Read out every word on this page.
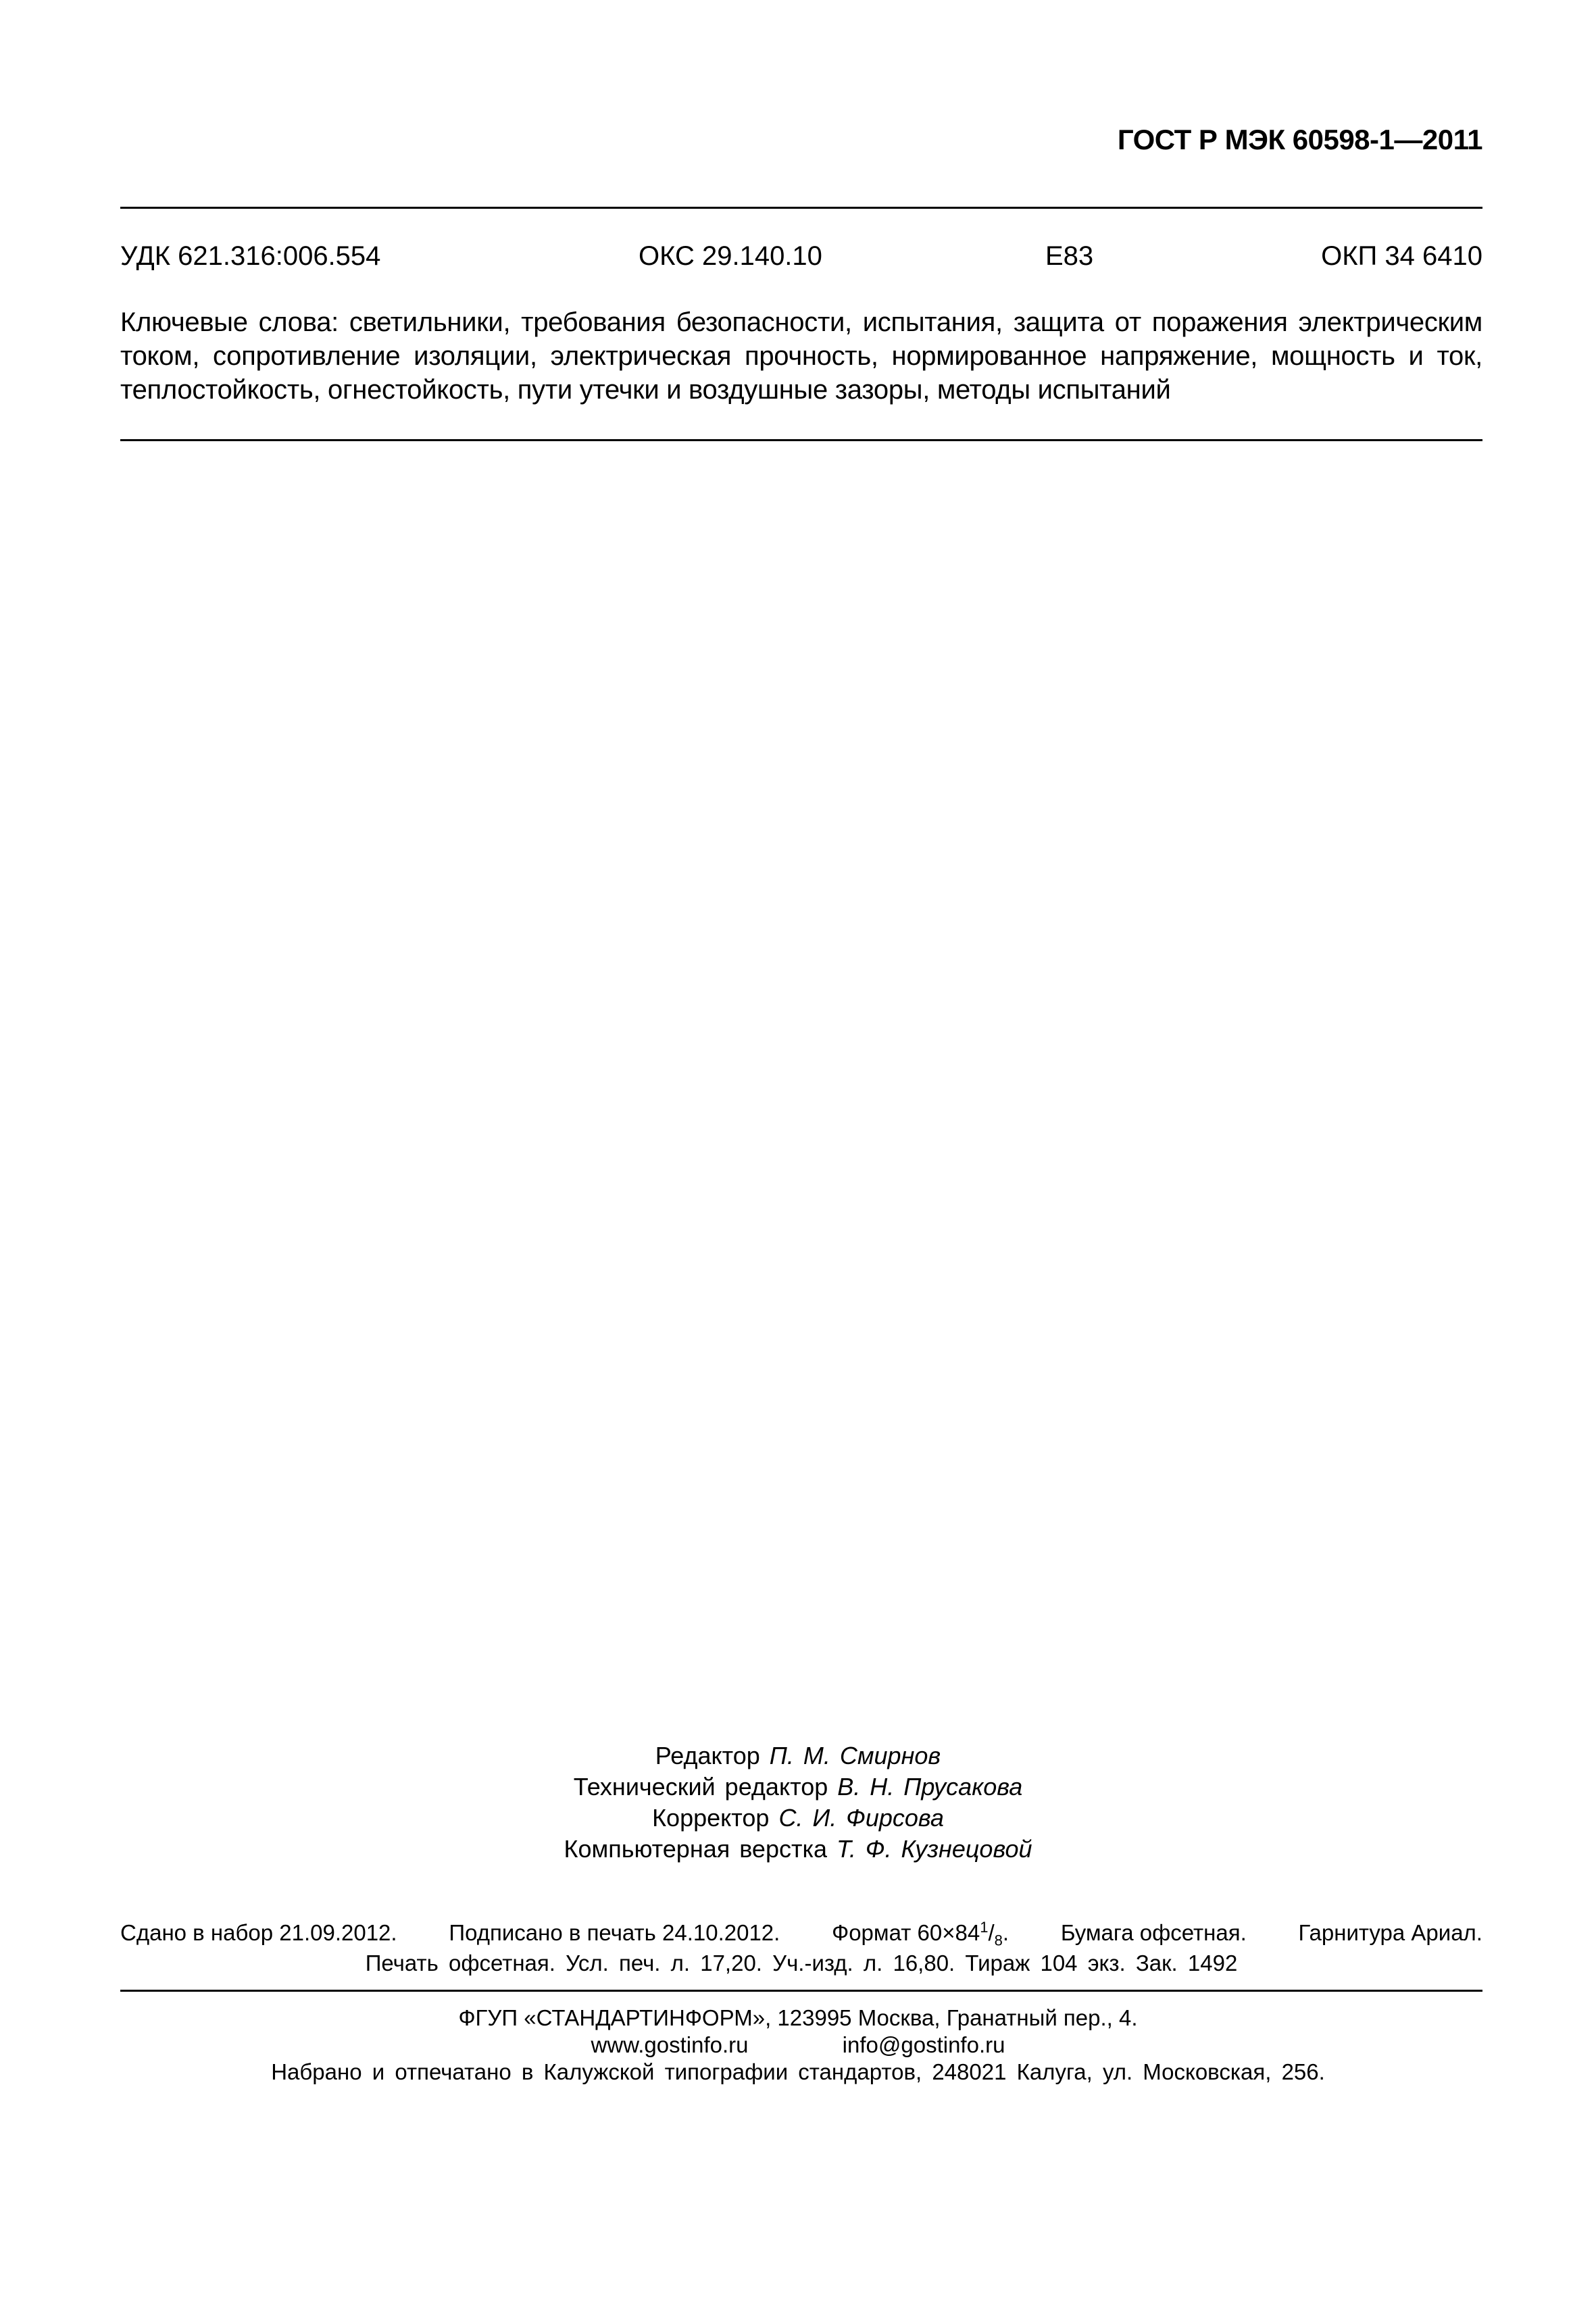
ГОСТ Р МЭК 60598-1—2011
УДК 621.316:006.554	ОКС 29.140.10	Е83	ОКП 34 6410
Ключевые слова: светильники, требования безопасности, испытания, защита от поражения электрическим током, сопротивление изоляции, электрическая прочность, нормированное напряжение, мощность и ток, теплостойкость, огнестойкость, пути утечки и воздушные зазоры, методы испытаний
Редактор П. М. Смирнов
Технический редактор В. Н. Прусакова
Корректор С. И. Фирсова
Компьютерная верстка Т. Ф. Кузнецовой
Сдано в набор 21.09.2012. Подписано в печать 24.10.2012. Формат $60\times 84^1/_8$. Бумага офсетная. Гарнитура Ариал.
Печать офсетная. Усл. печ. л. 17,20. Уч.-изд. л. 16,80. Тираж 104 экз. Зак. 1492
ФГУП «СТАНДАРТИНФОРМ», 123995 Москва, Гранатный пер., 4.
www.gostinfo.ru	info@gostinfo.ru
Набрано и отпечатано в Калужской типографии стандартов, 248021 Калуга, ул. Московская, 256.
